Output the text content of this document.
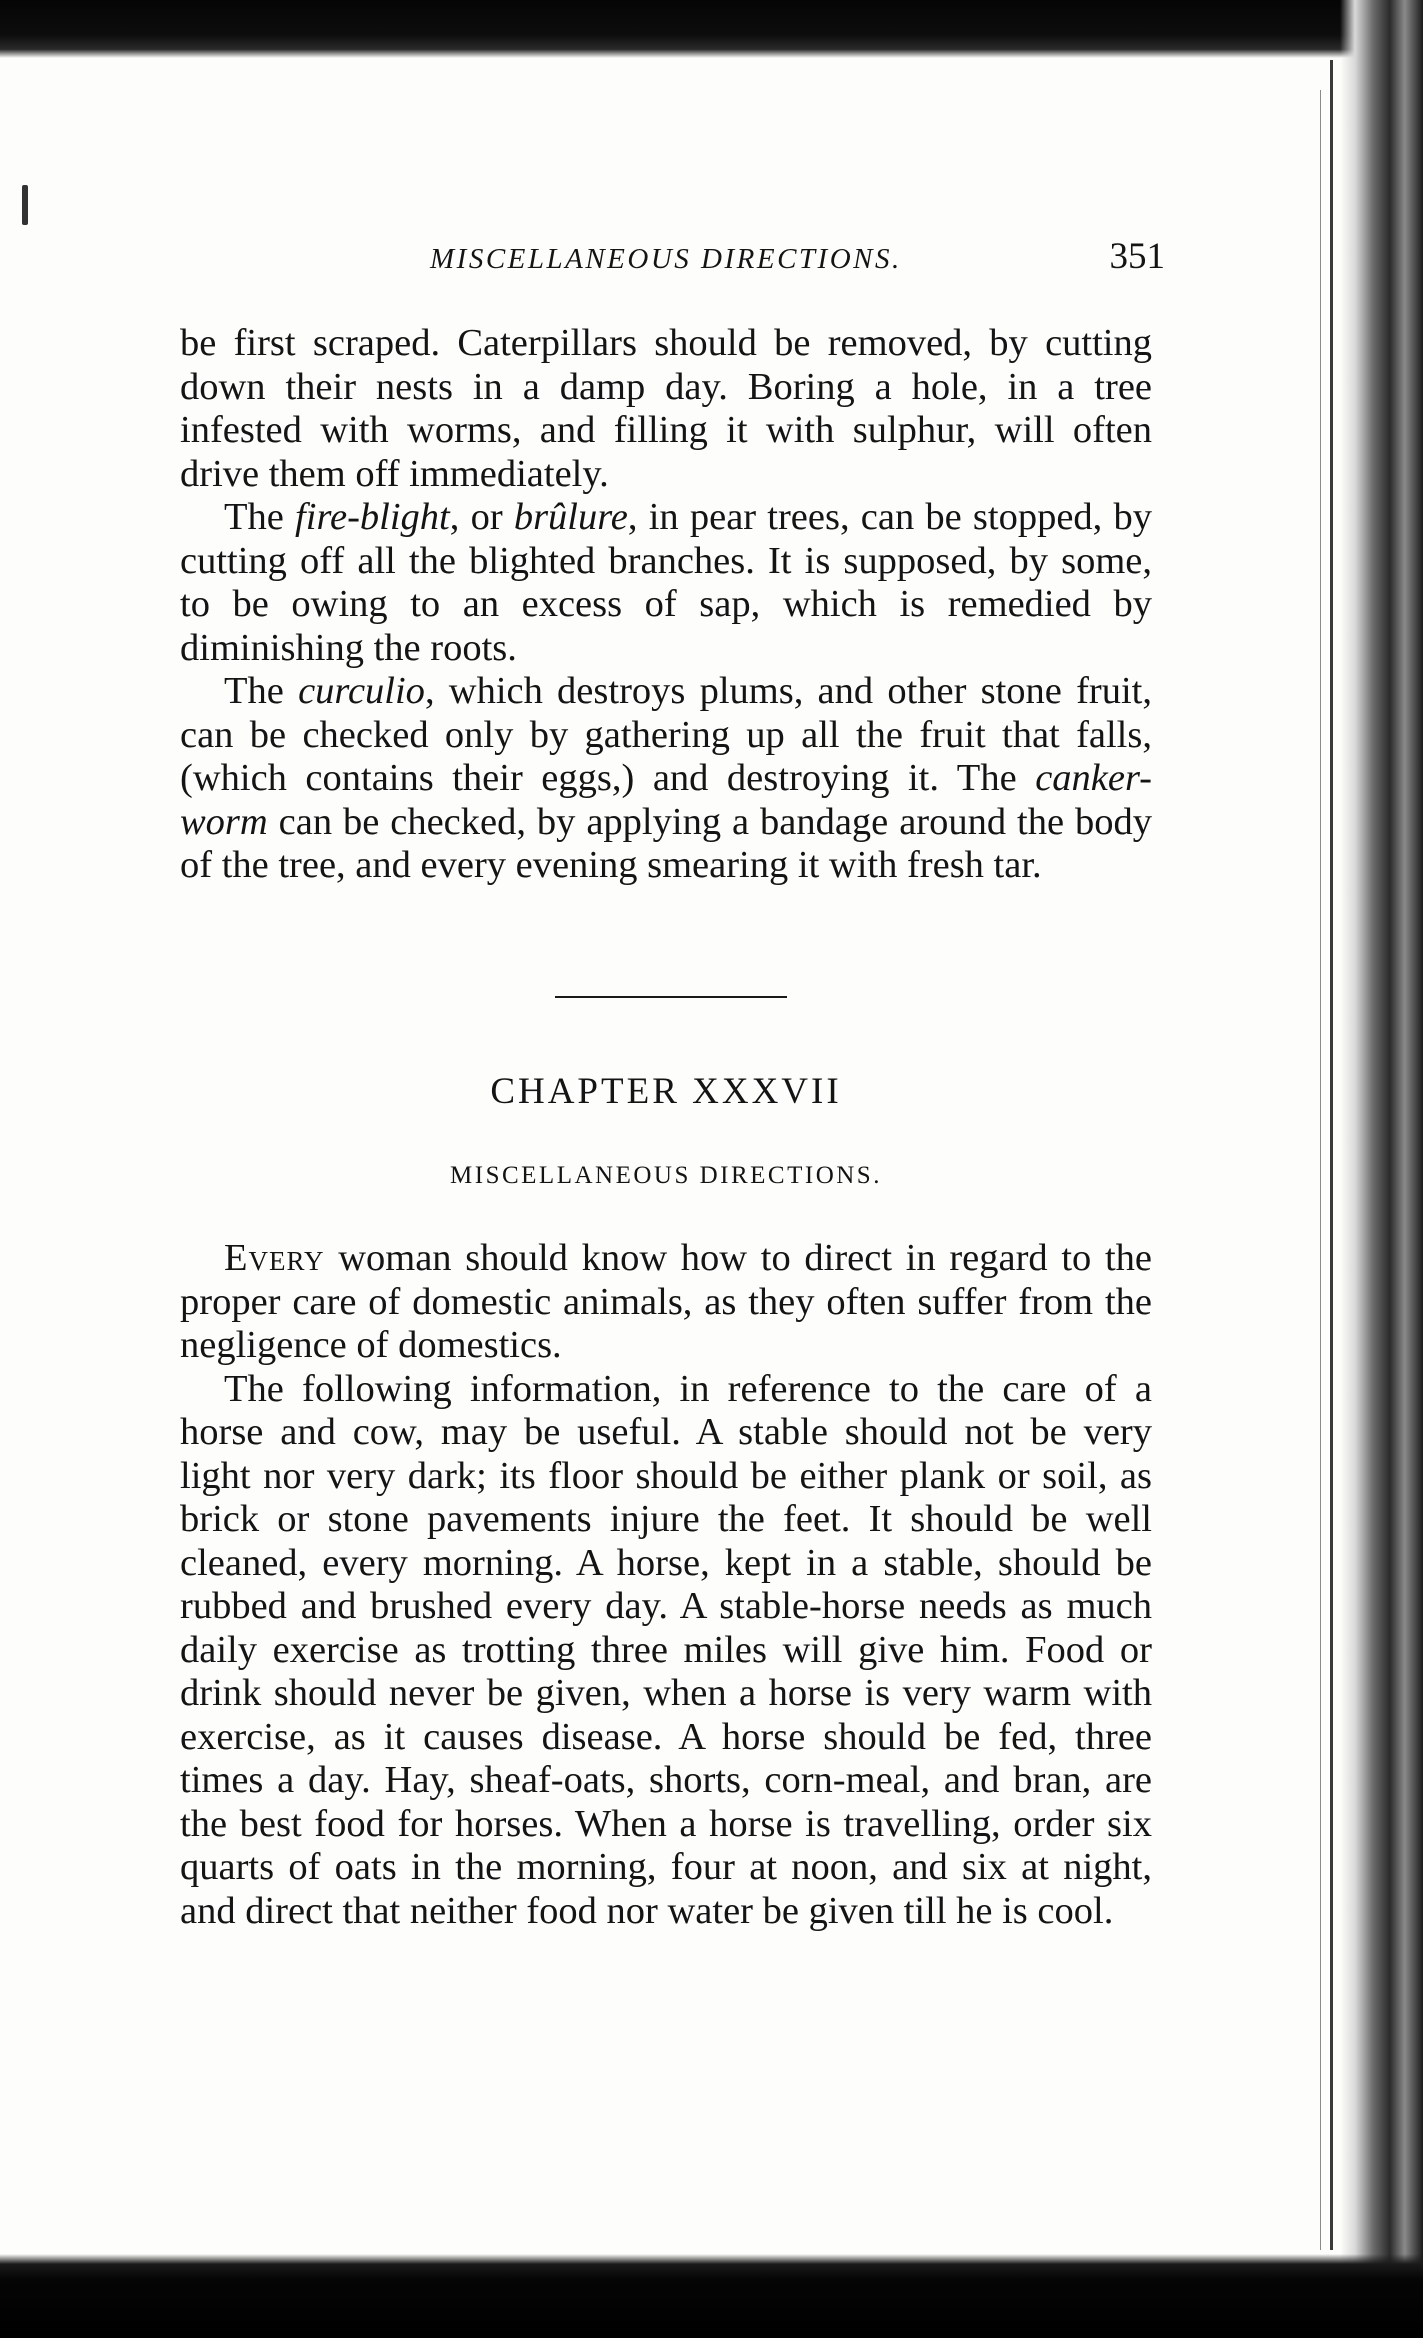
MISCELLANEOUS DIRECTIONS.	351

be first scraped. Caterpillars should be removed, by cutting down their nests in a damp day. Boring a hole, in a tree infested with worms, and filling it with sulphur, will often drive them off immediately.

The fire-blight, or brûlure, in pear trees, can be stopped, by cutting off all the blighted branches. It is supposed, by some, to be owing to an excess of sap, which is remedied by diminishing the roots.

The curculio, which destroys plums, and other stone fruit, can be checked only by gathering up all the fruit that falls, (which contains their eggs,) and destroying it. The canker-worm can be checked, by applying a bandage around the body of the tree, and every evening smearing it with fresh tar.

CHAPTER XXXVII
MISCELLANEOUS DIRECTIONS.

Every woman should know how to direct in regard to the proper care of domestic animals, as they often suffer from the negligence of domestics.

The following information, in reference to the care of a horse and cow, may be useful. A stable should not be very light nor very dark; its floor should be either plank or soil, as brick or stone pavements injure the feet. It should be well cleaned, every morning. A horse, kept in a stable, should be rubbed and brushed every day. A stable-horse needs as much daily exercise as trotting three miles will give him. Food or drink should never be given, when a horse is very warm with exercise, as it causes disease. A horse should be fed, three times a day. Hay, sheaf-oats, shorts, corn-meal, and bran, are the best food for horses. When a horse is travelling, order six quarts of oats in the morning, four at noon, and six at night, and direct that neither food nor water be given till he is cool.
